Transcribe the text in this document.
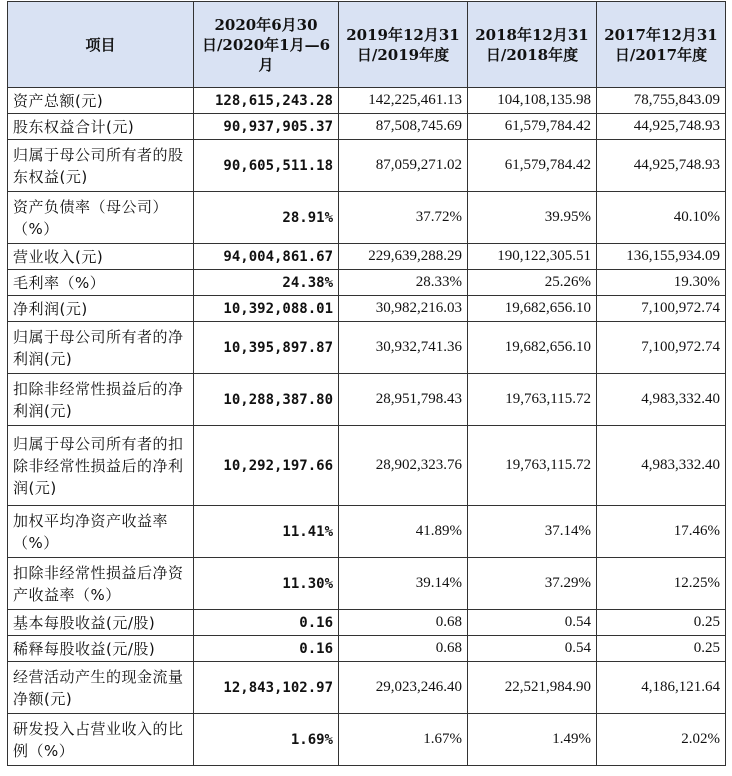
项目	2020年6月30日/2020年1月—6月	2019年12月31日/2019年度	2018年12月31日/2018年度	2017年12月31日/2017年度
资产总额(元)	128,615,243.28	142,225,461.13	104,108,135.98	78,755,843.09
股东权益合计(元)	90,937,905.37	87,508,745.69	61,579,784.42	44,925,748.93
归属于母公司所有者的股东权益(元)	90,605,511.18	87,059,271.02	61,579,784.42	44,925,748.93
资产负债率（母公司）（%）	28.91%	37.72%	39.95%	40.10%
营业收入(元)	94,004,861.67	229,639,288.29	190,122,305.51	136,155,934.09
毛利率（%）	24.38%	28.33%	25.26%	19.30%
净利润(元)	10,392,088.01	30,982,216.03	19,682,656.10	7,100,972.74
归属于母公司所有者的净利润(元)	10,395,897.87	30,932,741.36	19,682,656.10	7,100,972.74
扣除非经常性损益后的净利润(元)	10,288,387.80	28,951,798.43	19,763,115.72	4,983,332.40
归属于母公司所有者的扣除非经常性损益后的净利润(元)	10,292,197.66	28,902,323.76	19,763,115.72	4,983,332.40
加权平均净资产收益率（%）	11.41%	41.89%	37.14%	17.46%
扣除非经常性损益后净资产收益率（%）	11.30%	39.14%	37.29%	12.25%
基本每股收益(元/股)	0.16	0.68	0.54	0.25
稀释每股收益(元/股)	0.16	0.68	0.54	0.25
经营活动产生的现金流量净额(元)	12,843,102.97	29,023,246.40	22,521,984.90	4,186,121.64
研发投入占营业收入的比例（%）	1.69%	1.67%	1.49%	2.02%
